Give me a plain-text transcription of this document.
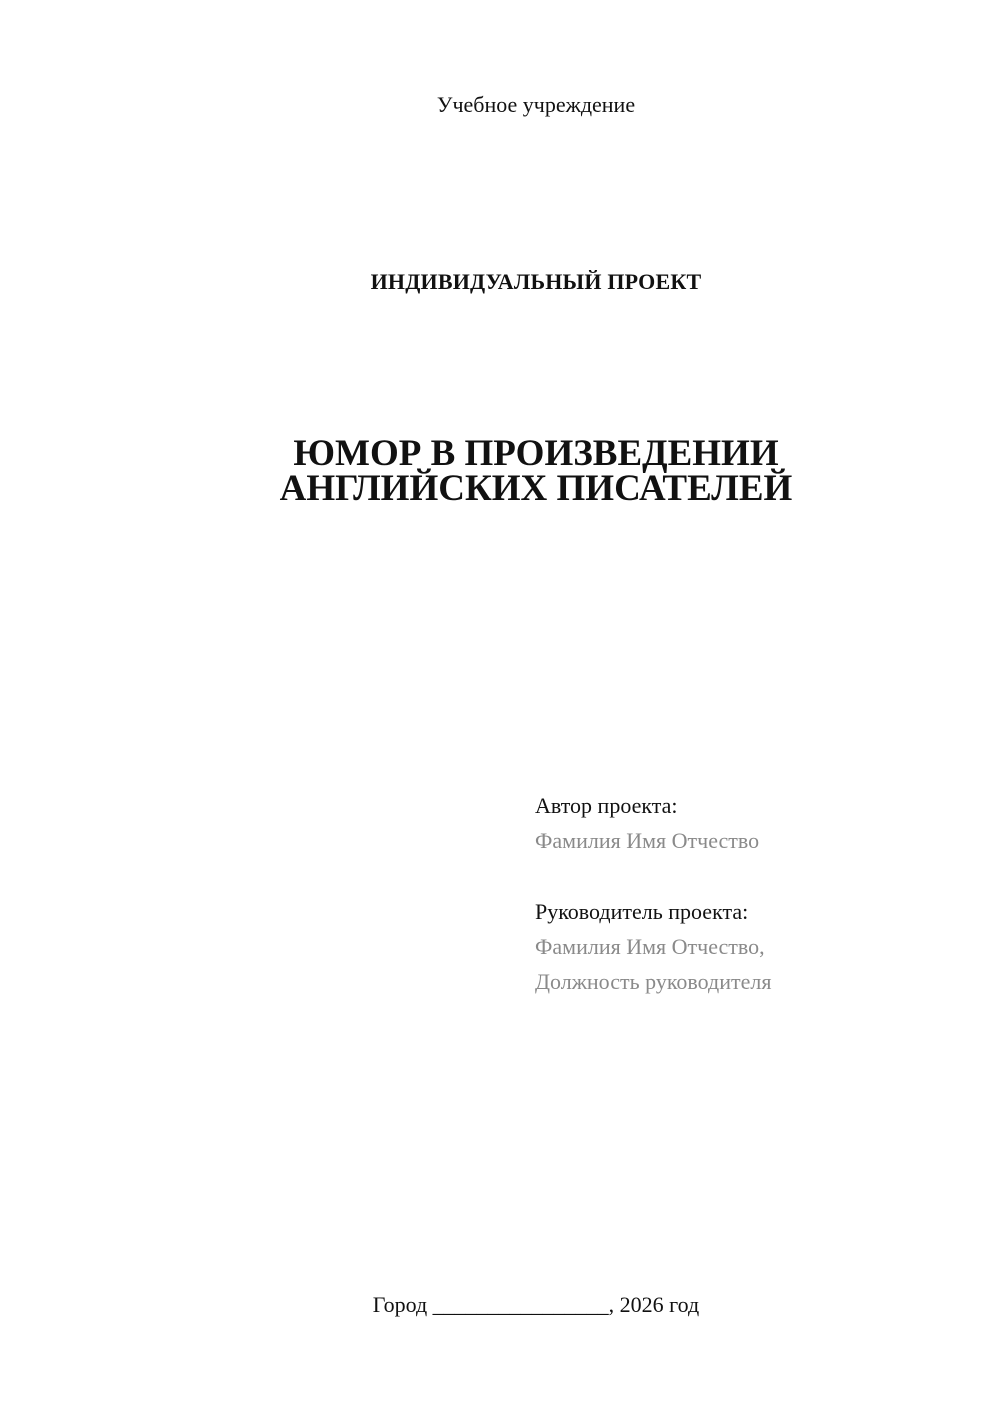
Учебное учреждение
ИНДИВИДУАЛЬНЫЙ ПРОЕКТ
ЮМОР В ПРОИЗВЕДЕНИИ
АНГЛИЙСКИХ ПИСАТЕЛЕЙ
Автор проекта:
Фамилия Имя Отчество
Руководитель проекта:
Фамилия Имя Отчество,
Должность руководителя
Город ________________, 2026 год
